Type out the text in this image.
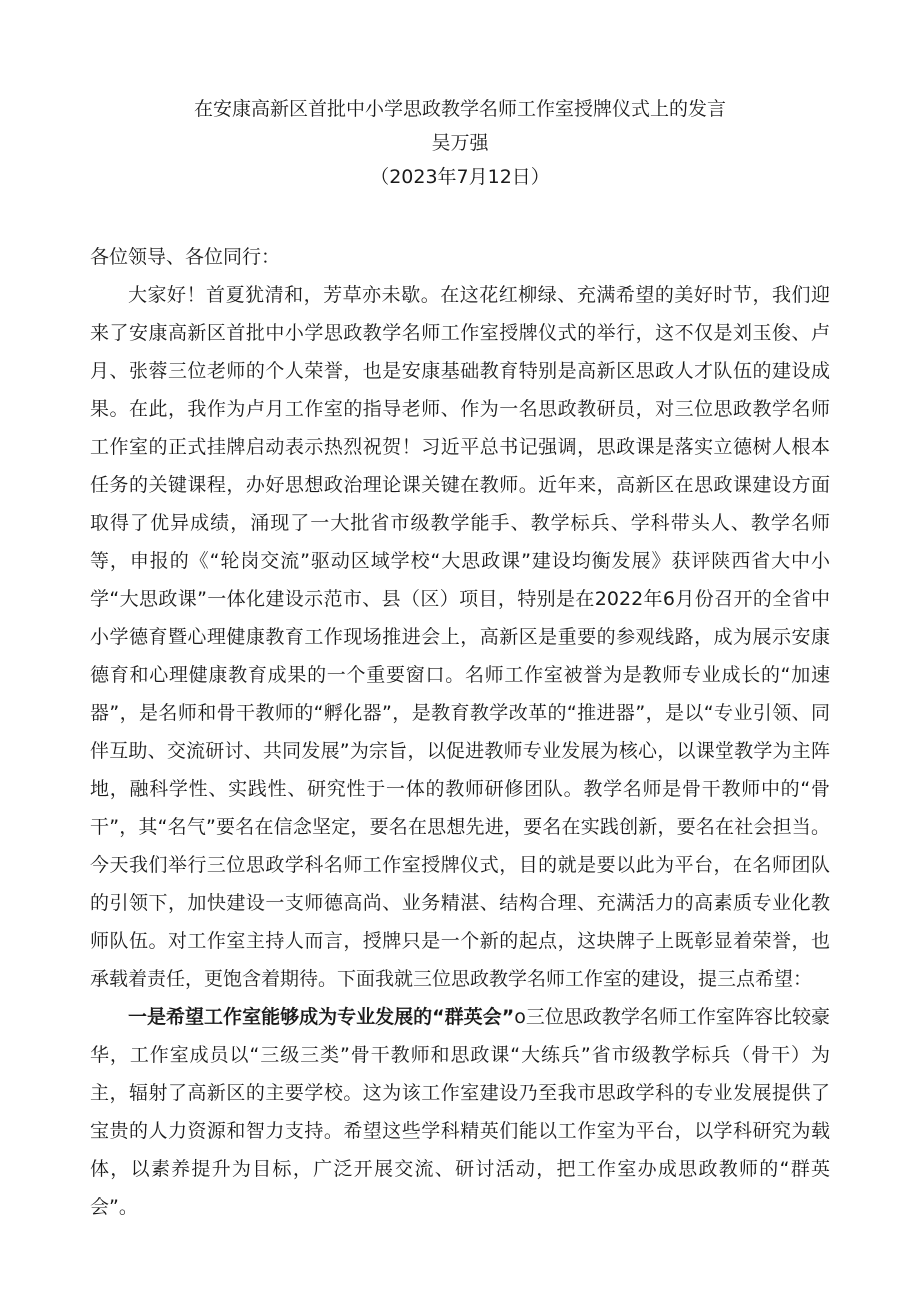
在安康高新区首批中小学思政教学名师工作室授牌仪式上的发言
吴万强
（2023年7月12日）

各位领导、各位同行：

大家好！首夏犹清和，芳草亦未歇。在这花红柳绿、充满希望的美好时节，我们迎来了安康高新区首批中小学思政教学名师工作室授牌仪式的举行，这不仅是刘玉俊、卢月、张蓉三位老师的个人荣誉，也是安康基础教育特别是高新区思政人才队伍的建设成果。在此，我作为卢月工作室的指导老师、作为一名思政教研员，对三位思政教学名师工作室的正式挂牌启动表示热烈祝贺！习近平总书记强调，思政课是落实立德树人根本任务的关键课程，办好思想政治理论课关键在教师。近年来，高新区在思政课建设方面取得了优异成绩，涌现了一大批省市级教学能手、教学标兵、学科带头人、教学名师等，申报的《“轮岗交流”驱动区域学校“大思政课”建设均衡发展》获评陕西省大中小学“大思政课”一体化建设示范市、县（区）项目，特别是在2022年6月份召开的全省中小学德育暨心理健康教育工作现场推进会上，高新区是重要的参观线路，成为展示安康德育和心理健康教育成果的一个重要窗口。名师工作室被誉为是教师专业成长的“加速器”，是名师和骨干教师的“孵化器”，是教育教学改革的“推进器”，是以“专业引领、同伴互助、交流研讨、共同发展”为宗旨，以促进教师专业发展为核心，以课堂教学为主阵地，融科学性、实践性、研究性于一体的教师研修团队。教学名师是骨干教师中的“骨干”，其“名气”要名在信念坚定，要名在思想先进，要名在实践创新，要名在社会担当。今天我们举行三位思政学科名师工作室授牌仪式，目的就是要以此为平台，在名师团队的引领下，加快建设一支师德高尚、业务精湛、结构合理、充满活力的高素质专业化教师队伍。对工作室主持人而言，授牌只是一个新的起点，这块牌子上既彰显着荣誉，也承载着责任，更饱含着期待。下面我就三位思政教学名师工作室的建设，提三点希望：

一是希望工作室能够成为专业发展的“群英会”o三位思政教学名师工作室阵容比较豪华，工作室成员以“三级三类”骨干教师和思政课“大练兵”省市级教学标兵（骨干）为主，辐射了高新区的主要学校。这为该工作室建设乃至我市思政学科的专业发展提供了宝贵的人力资源和智力支持。希望这些学科精英们能以工作室为平台，以学科研究为载体，以素养提升为目标，广泛开展交流、研讨活动，把工作室办成思政教师的“群英会”。
